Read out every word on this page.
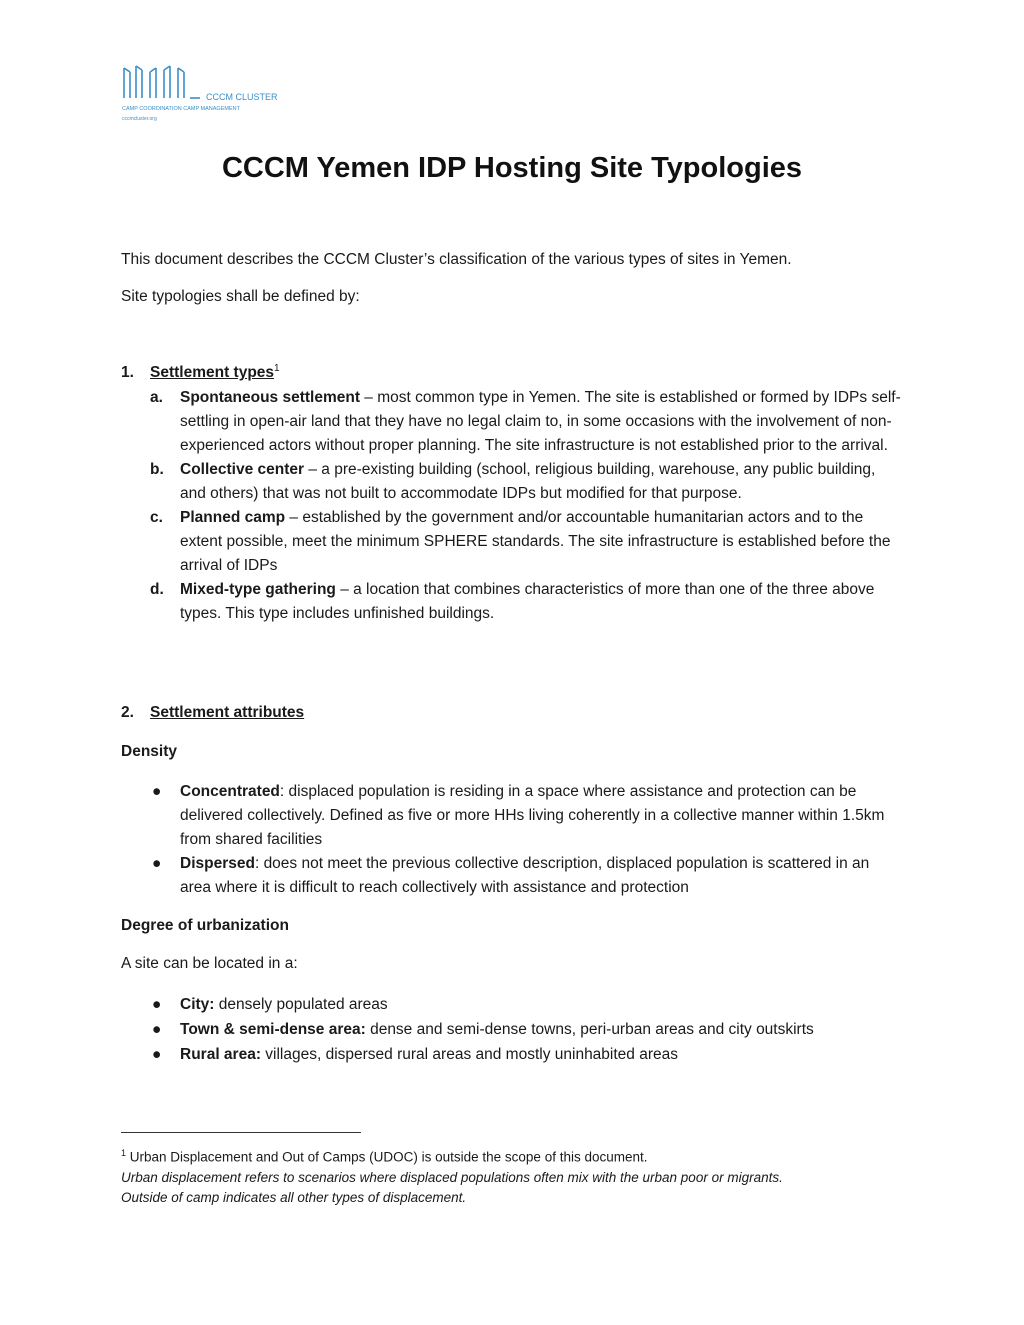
CCCM CLUSTER
CAMP COORDINATION CAMP MANAGEMENT
cccmcluster.org
CCCM Yemen IDP Hosting Site Typologies

This document describes the CCCM Cluster’s classification of the various types of sites in Yemen.

Site typologies shall be defined by:

1. Settlement types$^1$
a. Spontaneous settlement – most common type in Yemen. The site is established or formed by IDPs self-settling in open-air land that they have no legal claim to, in some occasions with the involvement of non-experienced actors without proper planning. The site infrastructure is not established prior to the arrival.
b. Collective center – a pre-existing building (school, religious building, warehouse, any public building, and others) that was not built to accommodate IDPs but modified for that purpose.
c. Planned camp – established by the government and/or accountable humanitarian actors and to the extent possible, meet the minimum SPHERE standards. The site infrastructure is established before the arrival of IDPs
d. Mixed-type gathering – a location that combines characteristics of more than one of the three above types. This type includes unfinished buildings.
2. Settlement attributes

Density

● Concentrated: displaced population is residing in a space where assistance and protection can be delivered collectively. Defined as five or more HHs living coherently in a collective manner within 1.5km from shared facilities
● Dispersed: does not meet the previous collective description, displaced population is scattered in an area where it is difficult to reach collectively with assistance and protection

Degree of urbanization

A site can be located in a:

● City: densely populated areas
● Town & semi-dense area: dense and semi-dense towns, peri-urban areas and city outskirts
● Rural area: villages, dispersed rural areas and mostly uninhabited areas

$^1$ Urban Displacement and Out of Camps (UDOC) is outside the scope of this document.
Urban displacement refers to scenarios where displaced populations often mix with the urban poor or migrants.
Outside of camp indicates all other types of displacement.
